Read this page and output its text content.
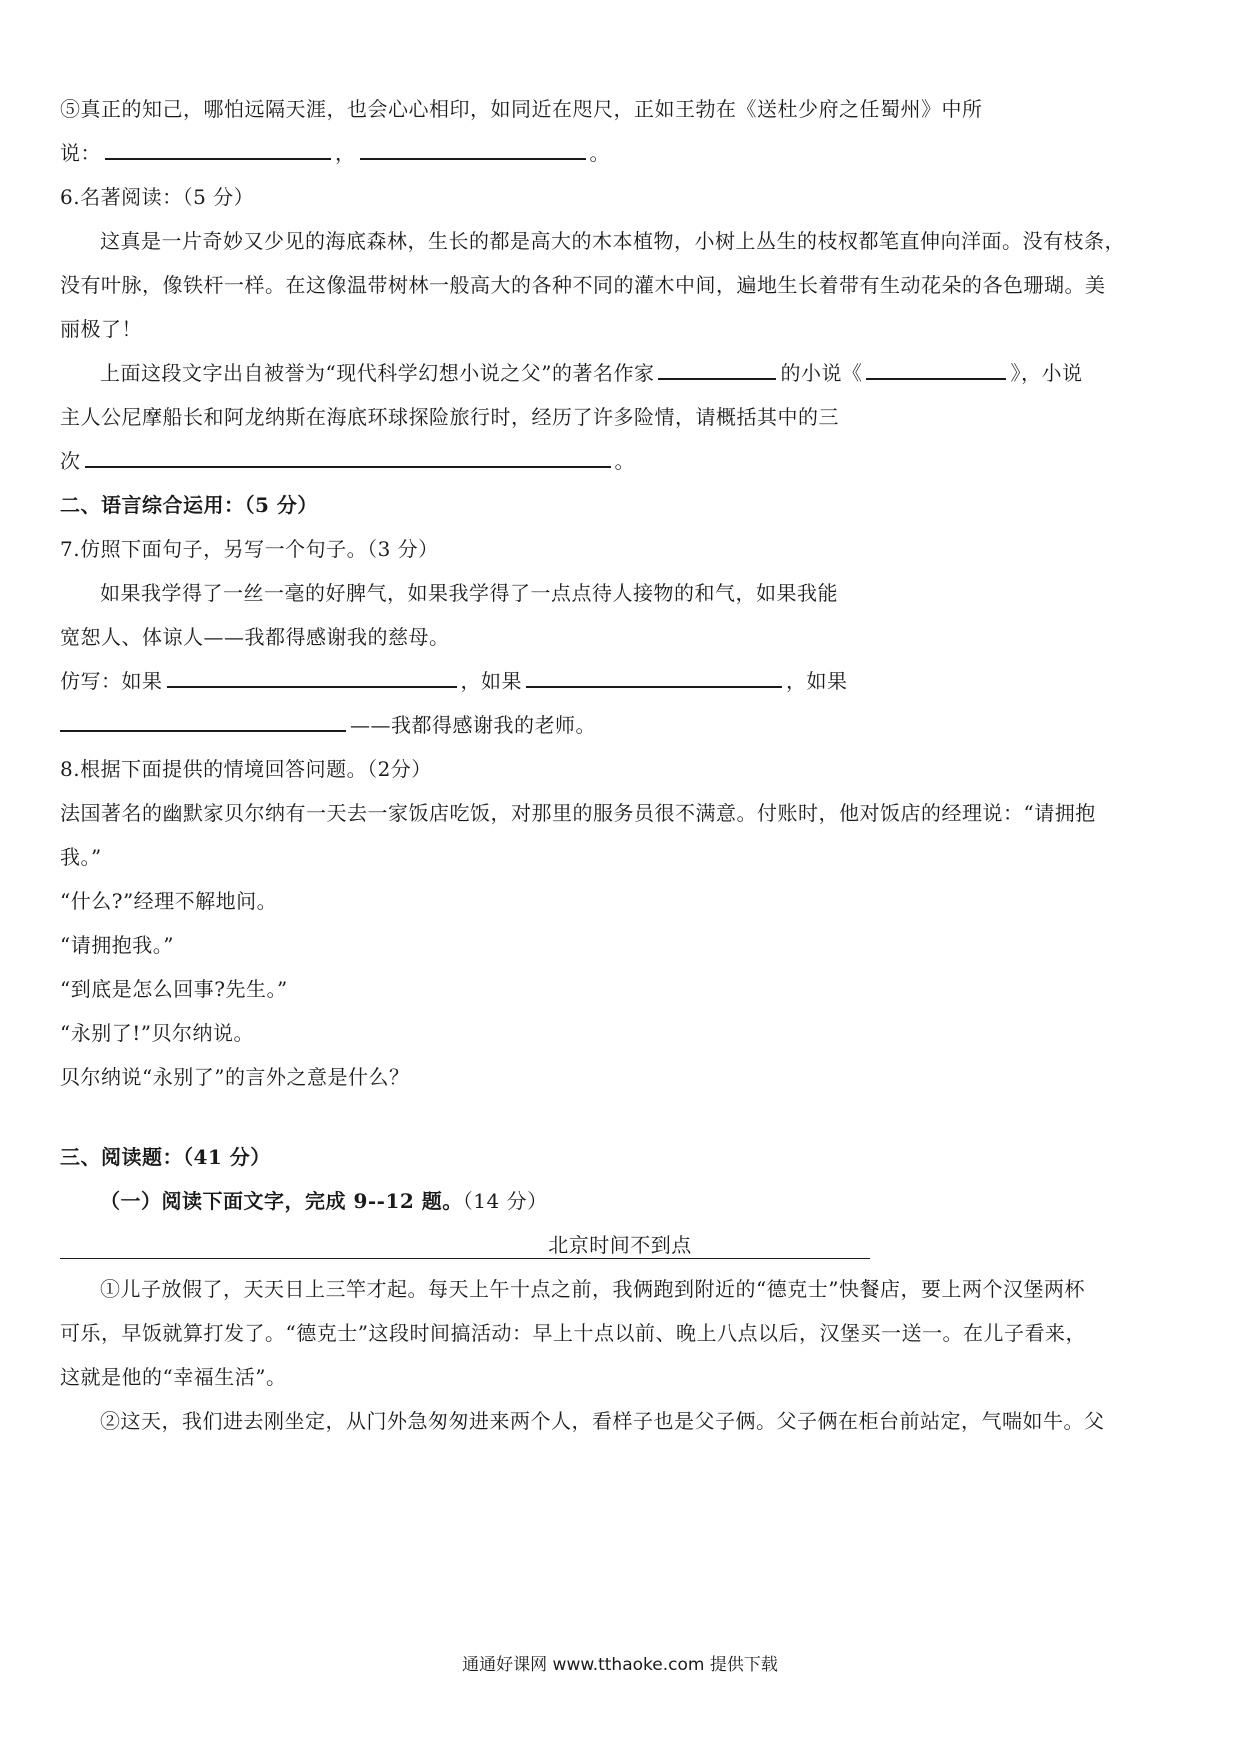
⑤真正的知己，哪怕远隔天涯，也会心心相印，如同近在咫尺，正如王勃在《送杜少府之任蜀州》中所
说：	，	。
6.名著阅读：（5 分）
这真是一片奇妙又少见的海底森林，生长的都是高大的木本植物，小树上丛生的枝杈都笔直伸向洋面。没有枝条，
没有叶脉，像铁杆一样。在这像温带树林一般高大的各种不同的灌木中间，遍地生长着带有生动花朵的各色珊瑚。美
丽极了！
上面这段文字出自被誉为“现代科学幻想小说之父”的著名作家	的小说《	》，小说
主人公尼摩船长和阿龙纳斯在海底环球探险旅行时，经历了许多险情，请概括其中的三
次	。
二、语言综合运用：（5 分）
7.仿照下面句子，另写一个句子。（3 分）
如果我学得了一丝一毫的好脾气，如果我学得了一点点待人接物的和气，如果我能
宽恕人、体谅人——我都得感谢我的慈母。
仿写：如果	，如果	，如果
——我都得感谢我的老师。
8.根据下面提供的情境回答问题。（2分）
法国著名的幽默家贝尔纳有一天去一家饭店吃饭，对那里的服务员很不满意。付账时，他对饭店的经理说：“请拥抱
我。”
“什么?”经理不解地问。
“请拥抱我。”
“到底是怎么回事?先生。”
“永别了!”贝尔纳说。
贝尔纳说“永别了”的言外之意是什么？
三、阅读题：（41 分）
（一）阅读下面文字，完成 9--12 题。（14 分）
北京时间不到点
①儿子放假了，天天日上三竿才起。每天上午十点之前，我俩跑到附近的“德克士”快餐店，要上两个汉堡两杯
可乐，早饭就算打发了。“德克士”这段时间搞活动：早上十点以前、晚上八点以后，汉堡买一送一。在儿子看来，
这就是他的“幸福生活”。
②这天，我们进去刚坐定，从门外急匆匆进来两个人，看样子也是父子俩。父子俩在柜台前站定，气喘如牛。父
通通好课网 www.tthaoke.com 提供下载
